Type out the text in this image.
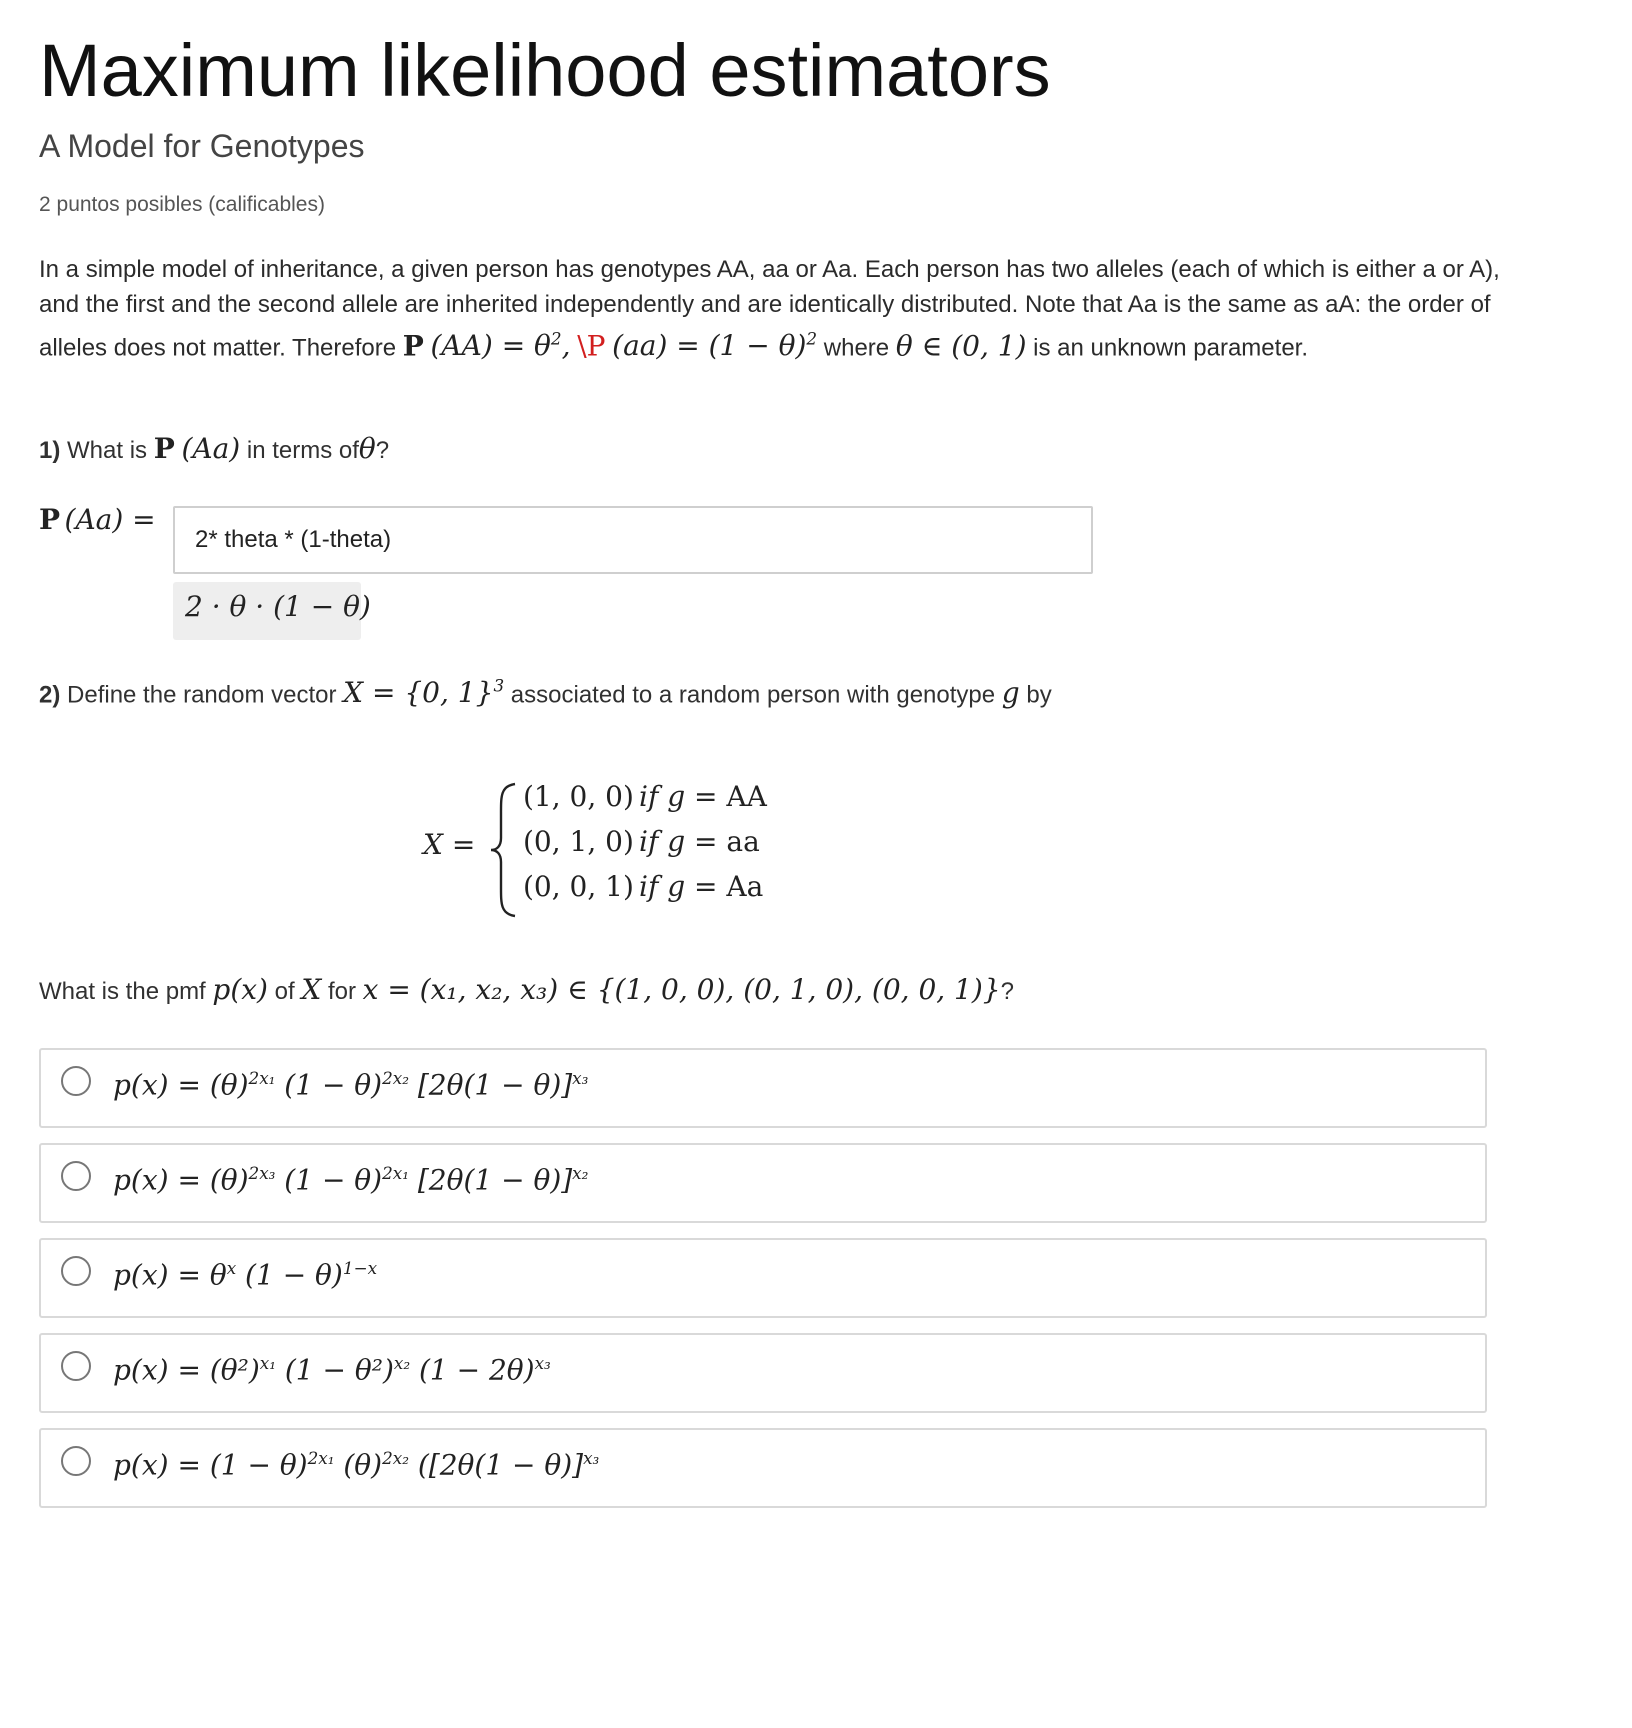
Maximum likelihood estimators
A Model for Genotypes
2 puntos posibles (calificables)
In a simple model of inheritance, a given person has genotypes AA, aa or Aa. Each person has two alleles (each of which is either a or A), and the first and the second allele are inherited independently and are identically distributed. Note that Aa is the same as aA: the order of alleles does not matter. Therefore P $(AA) = \theta^2$, \P $(aa) = (1 - \theta)^2$ where θ ∈ (0, 1) is an unknown parameter.
1) What is P (Aa) in terms ofθ?
P (Aa) =
2* theta * (1-theta)
2 · θ · (1 − θ)
2) Define the random vector X = {0, 1}$^3$ associated to a random person with genotype g by
X =
(1, 0, 0) if g = AA
(0, 1, 0) if g = aa
(0, 0, 1) if g = Aa
What is the pmf p(x) of X for x = (x₁, x₂, x₃) ∈ {(1, 0, 0), (0, 1, 0), (0, 0, 1)}?
$p(x) = (\theta)^{2x_1}$ $(1 - \theta)^{2x_2}$ $[2\theta(1 - \theta)]^{x_3}$
$p(x) = (\theta)^{2x_3}$ $(1 - \theta)^{2x_1}$ $[2\theta(1 - \theta)]^{x_2}$
$p(x) = \theta^x$ $(1 - \theta)^{1-x}$
$p(x) = (\theta^2)^{x_1}$ $(1 - \theta^2)^{x_2}$ $(1 - 2\theta)^{x_3}$
$p(x) = (1 - \theta)^{2x_1}$ $(\theta)^{2x_2}$ ($[2\theta(1 - \theta)]^{x_3}$
